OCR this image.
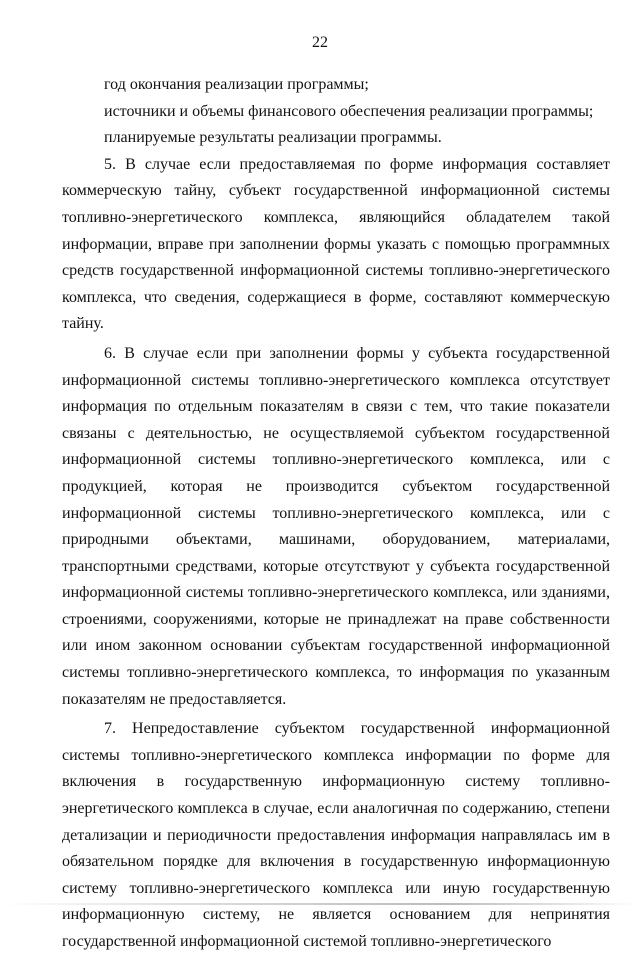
22

год окончания реализации программы;

источники и объемы финансового обеспечения реализации программы;

планируемые результаты реализации программы.

5. В случае если предоставляемая по форме информация составляет коммерческую тайну, субъект государственной информационной системы топливно-энергетического комплекса, являющийся обладателем такой информации, вправе при заполнении формы указать с помощью программных средств государственной информационной системы топливно-энергетического комплекса, что сведения, содержащиеся в форме, составляют коммерческую тайну.

6. В случае если при заполнении формы у субъекта государственной информационной системы топливно-энергетического комплекса отсутствует информация по отдельным показателям в связи с тем, что такие показатели связаны с деятельностью, не осуществляемой субъектом государственной информационной системы топливно-энергетического комплекса, или с продукцией, которая не производится субъектом государственной информационной системы топливно-энергетического комплекса, или с природными объектами, машинами, оборудованием, материалами, транспортными средствами, которые отсутствуют у субъекта государственной информационной системы топливно-энергетического комплекса, или зданиями, строениями, сооружениями, которые не принадлежат на праве собственности или ином законном основании субъектам государственной информационной системы топливно-энергетического комплекса, то информация по указанным показателям не предоставляется.

7. Непредоставление субъектом государственной информационной системы топливно-энергетического комплекса информации по форме для включения в государственную информационную систему топливно-энергетического комплекса в случае, если аналогичная по содержанию, степени детализации и периодичности предоставления информация направлялась им в обязательном порядке для включения в государственную информационную систему топливно-энергетического комплекса или иную государственную информационную систему, не является основанием для непринятия государственной информационной системой топливно-энергетического
